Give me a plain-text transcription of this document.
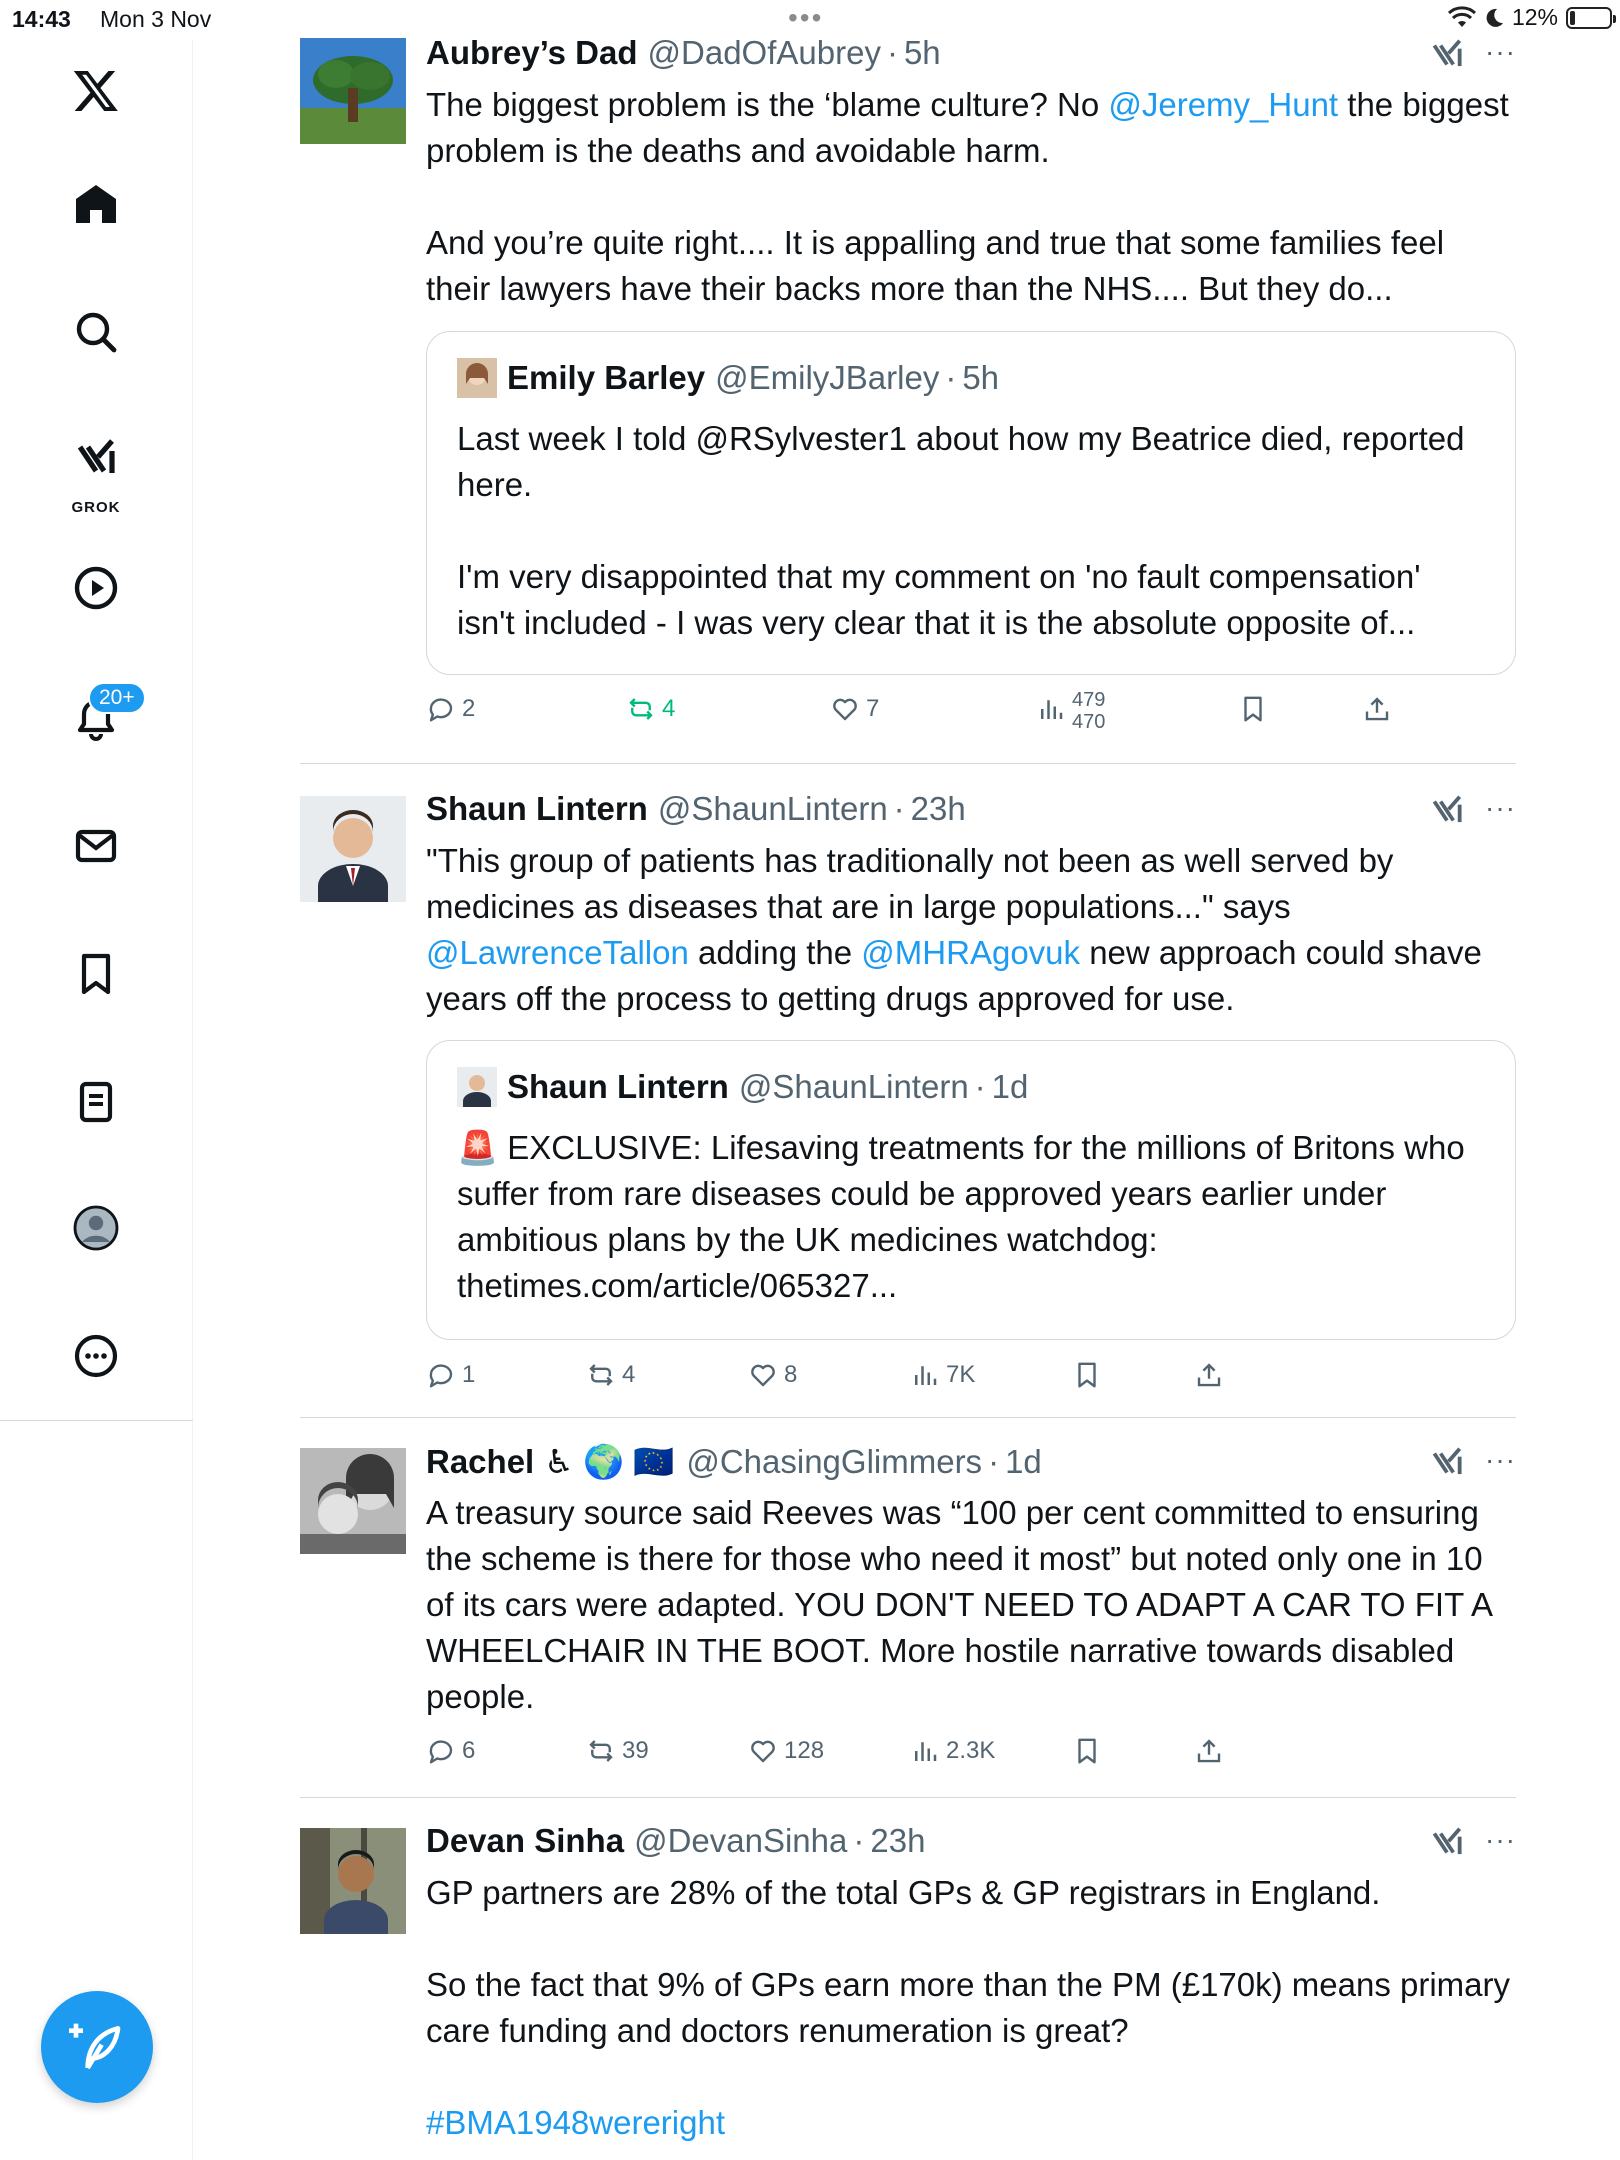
14:43 Mon 3 Nov	•••	12%
GROK
20+
Aubrey’s Dad @DadOfAubrey · 5h	···

The biggest problem is the ‘blame culture? No @Jeremy_Hunt the biggest problem is the deaths and avoidable harm.

And you’re quite right.... It is appalling and true that some families feel their lawyers have their backs more than the NHS.... But they do...

Emily Barley @EmilyJBarley · 5h

Last week I told @RSylvester1 about how my Beatrice died, reported here.

I'm very disappointed that my comment on 'no fault compensation' isn't included - I was very clear that it is the absolute opposite of...

2	4	7	479
470
Shaun Lintern @ShaunLintern · 23h	···

"This group of patients has traditionally not been as well served by medicines as diseases that are in large populations..." says @LawrenceTallon adding the @MHRAgovuk new approach could shave years off the process to getting drugs approved for use.

Shaun Lintern @ShaunLintern · 1d

🚨 EXCLUSIVE: Lifesaving treatments for the millions of Britons who suffer from rare diseases could be approved years earlier under ambitious plans by the UK medicines watchdog: thetimes.com/article/065327...

1	4	8	7K
Rachel ♿ 🌍 🇪🇺 @ChasingGlimmers · 1d	···
A treasury source said Reeves was “100 per cent committed to ensuring the scheme is there for those who need it most” but noted only one in 10 of its cars were adapted. YOU DON'T NEED TO ADAPT A CAR TO FIT A WHEELCHAIR IN THE BOOT. More hostile narrative towards disabled people.
6	39	128	2.3K
Devan Sinha @DevanSinha · 23h	···

GP partners are 28% of the total GPs & GP registrars in England.

So the fact that 9% of GPs earn more than the PM (£170k) means primary care funding and doctors renumeration is great?

#BMA1948wereright
